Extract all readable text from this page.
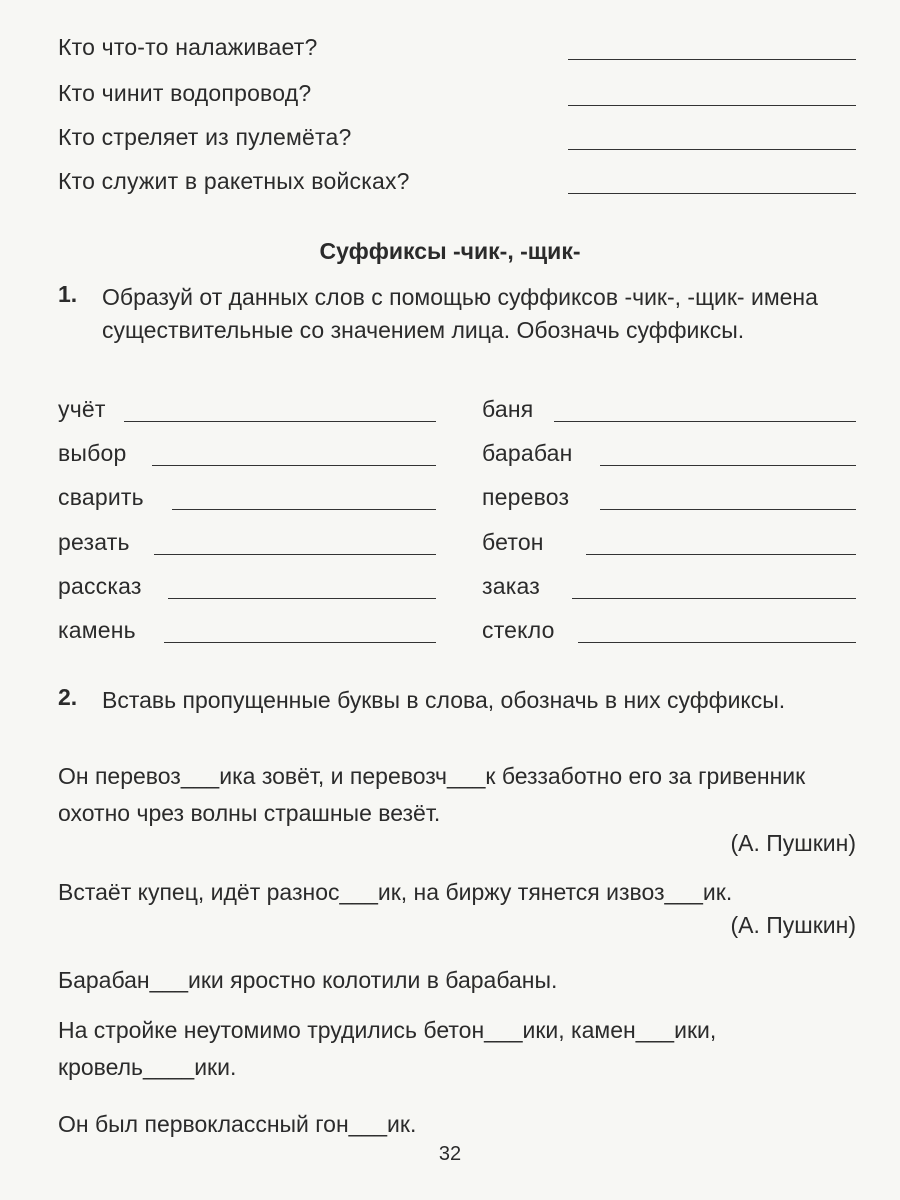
Кто что-то налаживает?
Кто чинит водопровод?
Кто стреляет из пулемёта?
Кто служит в ракетных войсках?
Суффиксы -чик-, -щик-
1. Образуй от данных слов с помощью суффиксов -чик-, -щик- имена существительные со значением лица. Обозначь суффиксы.
учёт
выбор
сварить
резать
рассказ
камень
баня
барабан
перевоз
бетон
заказ
стекло
2. Вставь пропущенные буквы в слова, обозначь в них суффиксы.
Он перевоз___ика зовёт, и перевозч___к беззаботно его за гривенник охотно чрез волны страшные везёт.
(А. Пушкин)
Встаёт купец, идёт разнос___ик, на биржу тянется извоз___ик.
(А. Пушкин)
Барабан___ики яростно колотили в барабаны.
На стройке неутомимо трудились бетон___ики, камен___ики, кровель____ики.
Он был первоклассный гон___ик.
32
